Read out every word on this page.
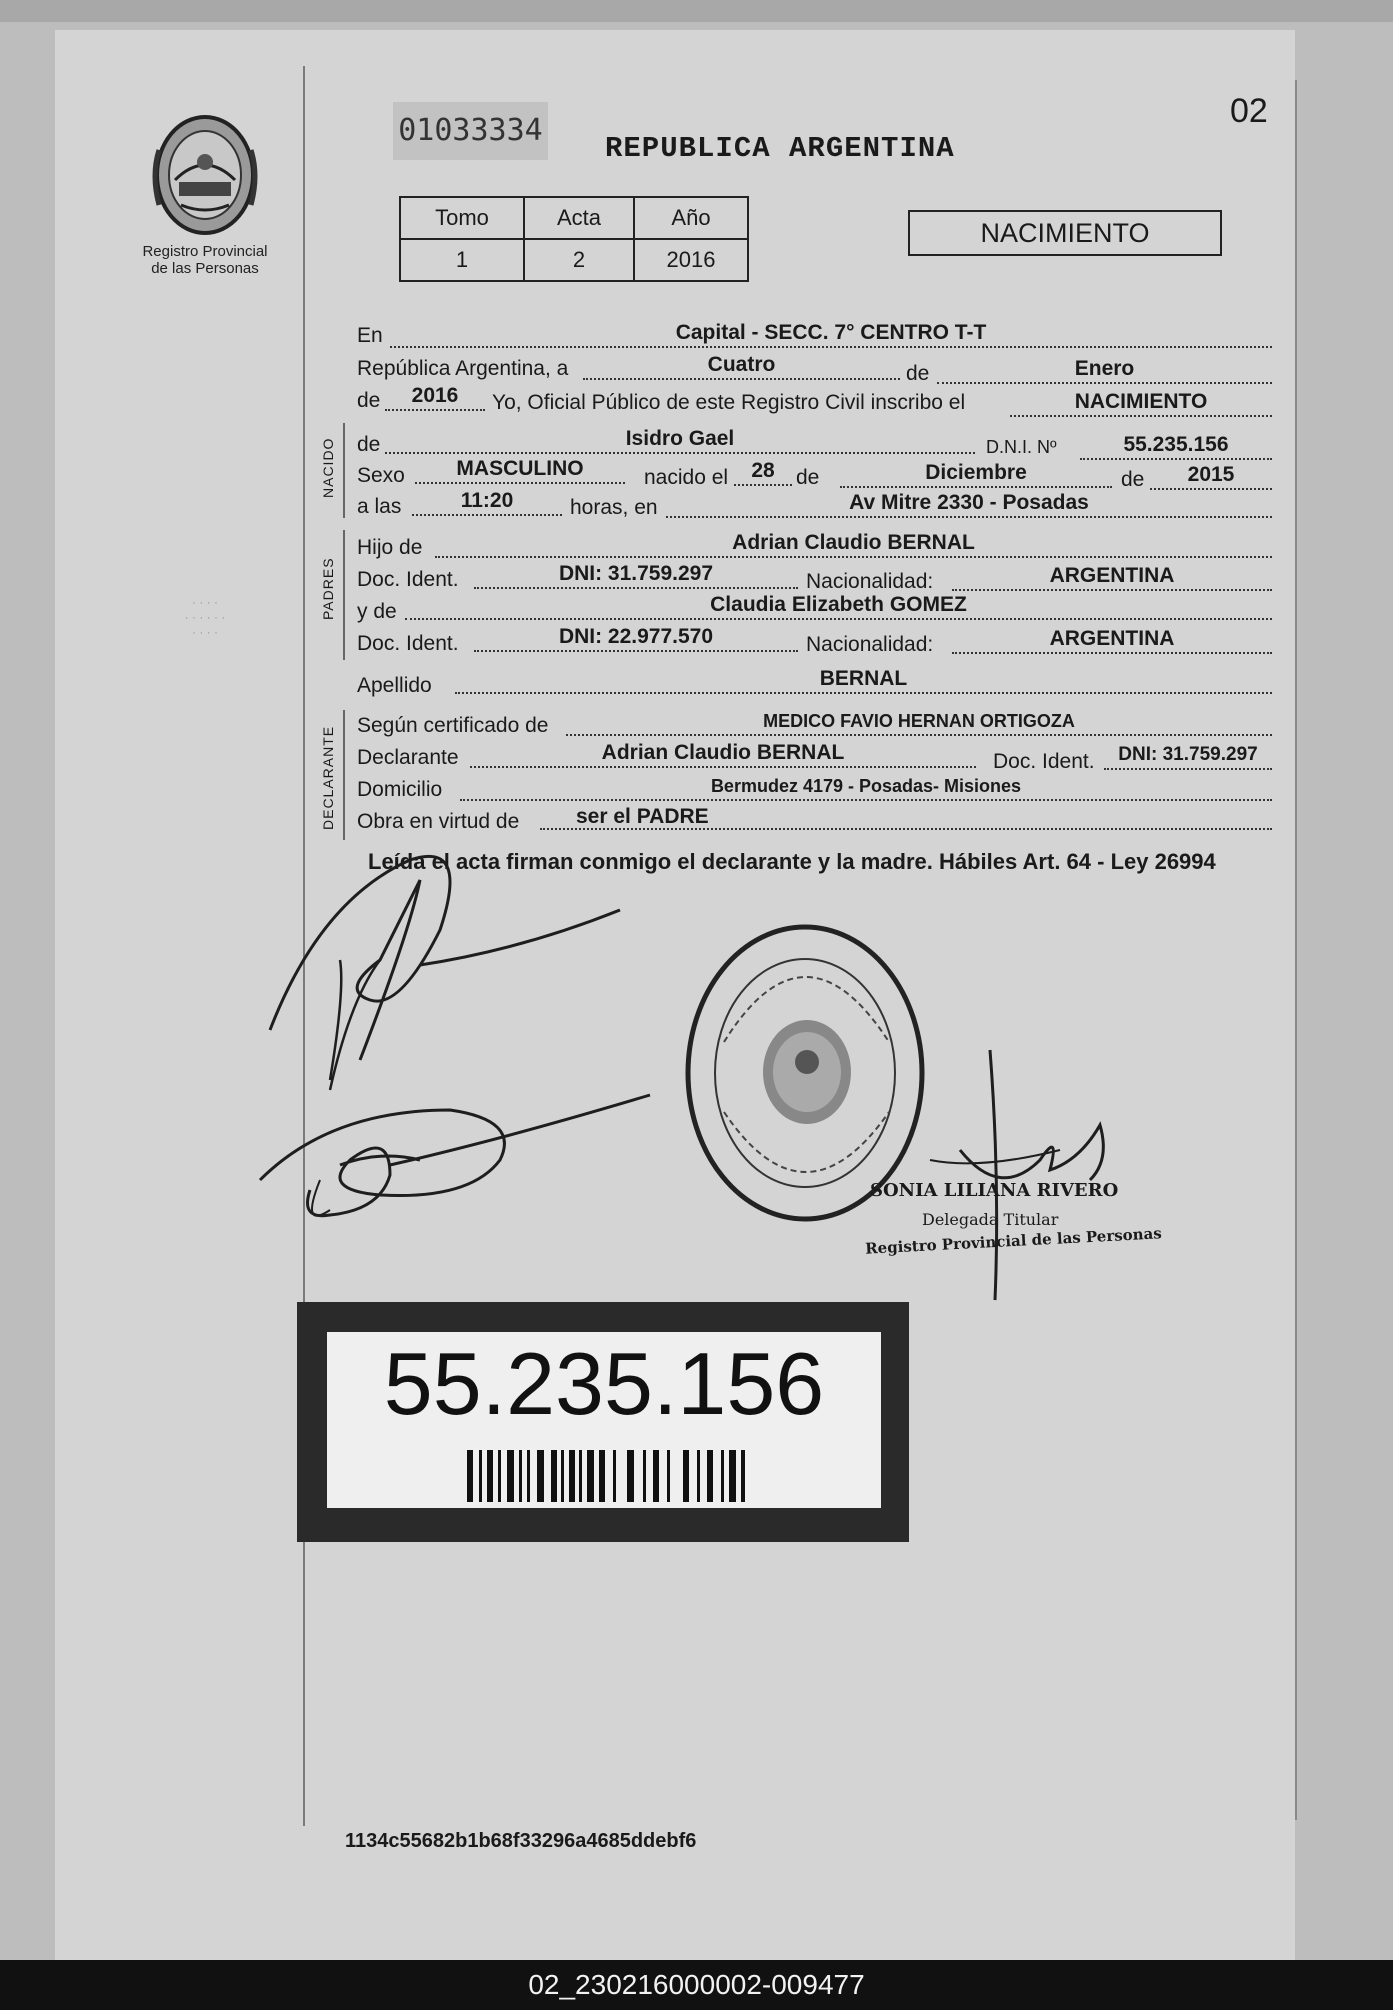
· · · ·
· · · · · ·
· · · ·
Registro Provincial
de las Personas
01033334
REPUBLICA ARGENTINA
02
Tomo	Acta	Año
1	2	2016
NACIMIENTO
En	Capital - SECC. 7° CENTRO T-T
República Argentina, a	Cuatro	de	Enero
de	2016	Yo, Oficial Público de este Registro Civil inscribo el	NACIMIENTO
NACIDO de	Isidro Gael	D.N.I. Nº	55.235.156
Sexo	MASCULINO	nacido el	28	de	Diciembre	de	2015
a las	11:20	horas, en	Av Mitre 2330 - Posadas
PADRES
Hijo de	Adrian Claudio BERNAL
Doc. Ident.	DNI: 31.759.297	Nacionalidad:	ARGENTINA
y de	Claudia Elizabeth GOMEZ
Doc. Ident.	DNI: 22.977.570	Nacionalidad:	ARGENTINA
Apellido	BERNAL
DECLARANTE
Según certificado de	MEDICO FAVIO HERNAN ORTIGOZA
Declarante	Adrian Claudio BERNAL	Doc. Ident.	DNI: 31.759.297
Domicilio	Bermudez 4179 - Posadas- Misiones
Obra en virtud de	ser el PADRE
Leída el acta firman conmigo el declarante y la madre. Hábiles Art. 64 - Ley 26994
SONIA LILIANA RIVERO
Delegada Titular
Registro Provincial de las Personas
55.235.156
1134c55682b1b68f33296a4685ddebf6
02_230216000002-009477
